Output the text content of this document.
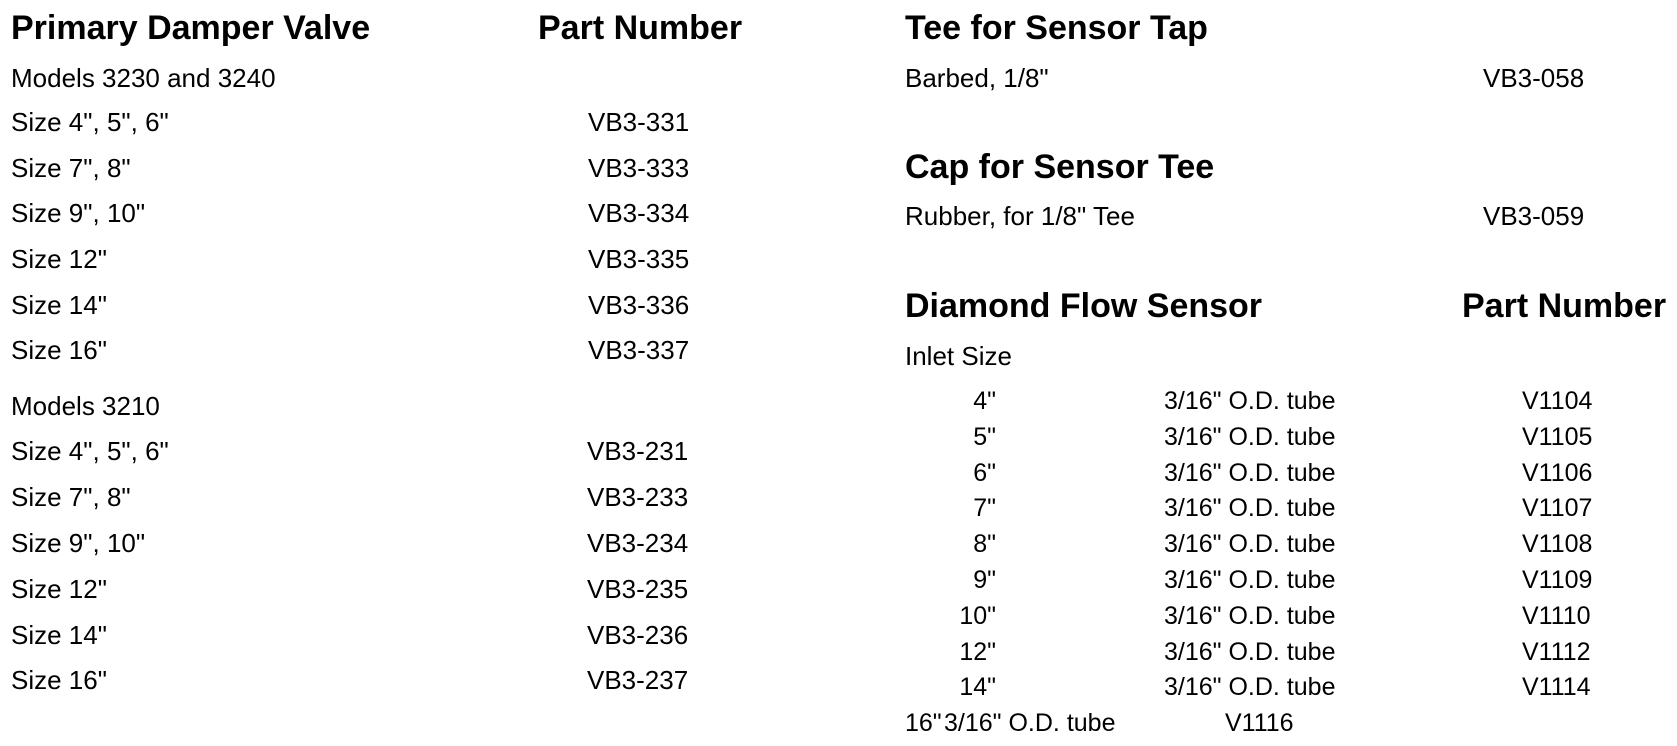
Primary Damper Valve	Part Number
Models 3230 and 3240
Size 4", 5", 6"	VB3-331
Size 7", 8"	VB3-333
Size 9", 10"	VB3-334
Size 12"	VB3-335
Size 14"	VB3-336
Size 16"	VB3-337
Models 3210
Size 4", 5", 6"	VB3-231
Size 7", 8"	VB3-233
Size 9", 10"	VB3-234
Size 12"	VB3-235
Size 14"	VB3-236
Size 16"	VB3-237
Tee for Sensor Tap
Barbed, 1/8"	VB3-058
Cap for Sensor Tee
Rubber, for 1/8" Tee	VB3-059
Diamond Flow Sensor	Part Number
Inlet Size
4"	3/16" O.D. tube	V1104
5"	3/16" O.D. tube	V1105
6"	3/16" O.D. tube	V1106
7"	3/16" O.D. tube	V1107
8"	3/16" O.D. tube	V1108
9"	3/16" O.D. tube	V1109
10"	3/16" O.D. tube	V1110
12"	3/16" O.D. tube	V1112
14"	3/16" O.D. tube	V1114
16" 3/16" O.D. tube	V1116
